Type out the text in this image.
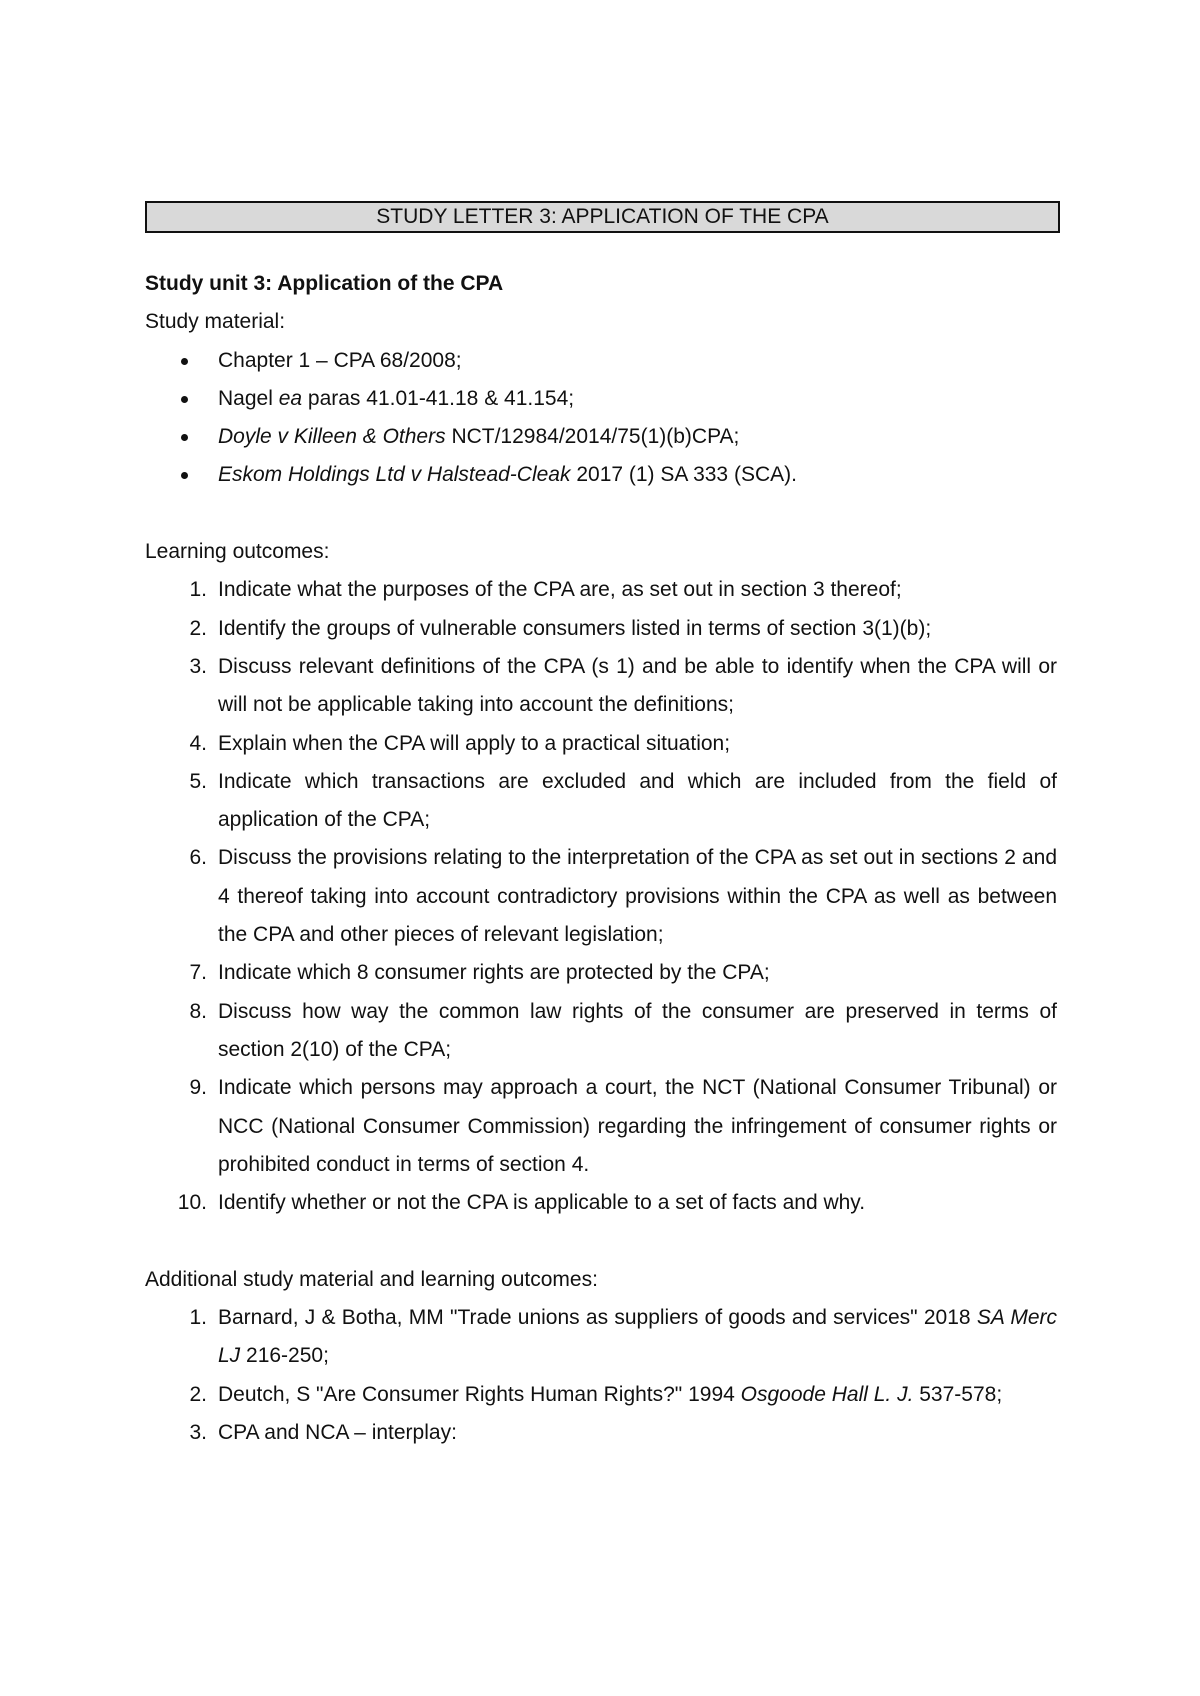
STUDY LETTER 3: APPLICATION OF THE CPA
Study unit 3: Application of the CPA
Study material:
Chapter 1 – CPA 68/2008;
Nagel ea paras 41.01-41.18 & 41.154;
Doyle v Killeen & Others NCT/12984/2014/75(1)(b)CPA;
Eskom Holdings Ltd v Halstead-Cleak 2017 (1) SA 333 (SCA).
Learning outcomes:
1. Indicate what the purposes of the CPA are, as set out in section 3 thereof;
2. Identify the groups of vulnerable consumers listed in terms of section 3(1)(b);
3. Discuss relevant definitions of the CPA (s 1) and be able to identify when the CPA will or will not be applicable taking into account the definitions;
4. Explain when the CPA will apply to a practical situation;
5. Indicate which transactions are excluded and which are included from the field of application of the CPA;
6. Discuss the provisions relating to the interpretation of the CPA as set out in sections 2 and 4 thereof taking into account contradictory provisions within the CPA as well as between the CPA and other pieces of relevant legislation;
7. Indicate which 8 consumer rights are protected by the CPA;
8. Discuss how way the common law rights of the consumer are preserved in terms of section 2(10) of the CPA;
9. Indicate which persons may approach a court, the NCT (National Consumer Tribunal) or NCC (National Consumer Commission) regarding the infringement of consumer rights or prohibited conduct in terms of section 4.
10. Identify whether or not the CPA is applicable to a set of facts and why.
Additional study material and learning outcomes:
1. Barnard, J & Botha, MM "Trade unions as suppliers of goods and services" 2018 SA Merc LJ 216-250;
2. Deutch, S "Are Consumer Rights Human Rights?" 1994 Osgoode Hall L. J. 537-578;
3. CPA and NCA – interplay:
